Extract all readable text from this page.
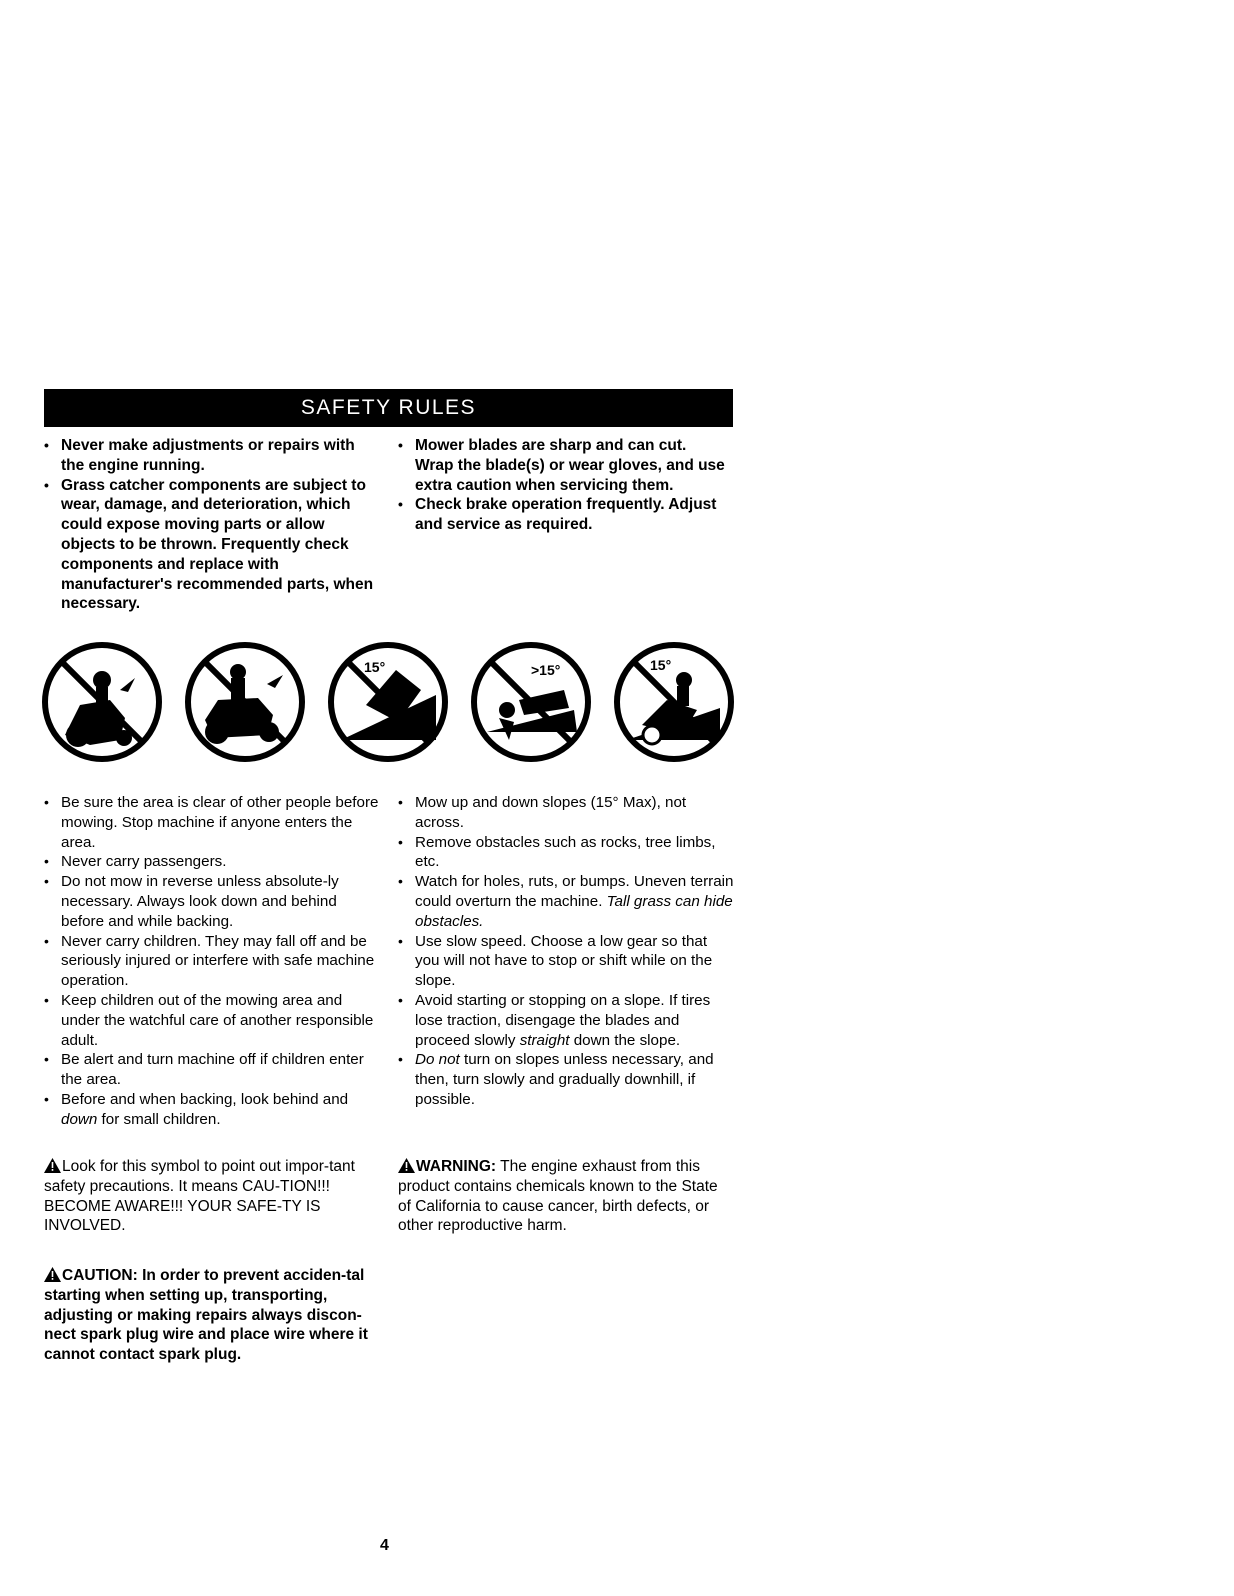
SAFETY RULES
• Never make adjustments or repairs with the engine running.
• Grass catcher components are subject to wear, damage, and deterioration, which could expose moving parts or allow objects to be thrown. Frequently check components and replace with manufacturer's recommended parts, when necessary.
• Mower blades are sharp and can cut. Wrap the blade(s) or wear gloves, and use extra caution when servicing them.
• Check brake operation frequently. Adjust and service as required.
15°	>15°	15°
• Be sure the area is clear of other people before mowing. Stop machine if anyone enters the area.
• Never carry passengers.
• Do not mow in reverse unless absolute-ly necessary. Always look down and behind before and while backing.
• Never carry children. They may fall off and be seriously injured or interfere with safe machine operation.
• Keep children out of the mowing area and under the watchful care of another responsible adult.
• Be alert and turn machine off if children enter the area.
• Before and when backing, look behind and down for small children.
• Mow up and down slopes (15° Max), not across.
• Remove obstacles such as rocks, tree limbs, etc.
• Watch for holes, ruts, or bumps. Uneven terrain could overturn the machine. Tall grass can hide obstacles.
• Use slow speed. Choose a low gear so that you will not have to stop or shift while on the slope.
• Avoid starting or stopping on a slope. If tires lose traction, disengage the blades and proceed slowly straight down the slope.
• Do not turn on slopes unless necessary, and then, turn slowly and gradually downhill, if possible.
Look for this symbol to point out impor-tant safety precautions. It means CAU-TION!!! BECOME AWARE!!! YOUR SAFE-TY IS INVOLVED.
CAUTION: In order to prevent acciden-tal starting when setting up, transporting, adjusting or making repairs always discon-nect spark plug wire and place wire where it cannot contact spark plug.
WARNING: The engine exhaust from this product contains chemicals known to the State of California to cause cancer, birth defects, or other reproductive harm.
4
